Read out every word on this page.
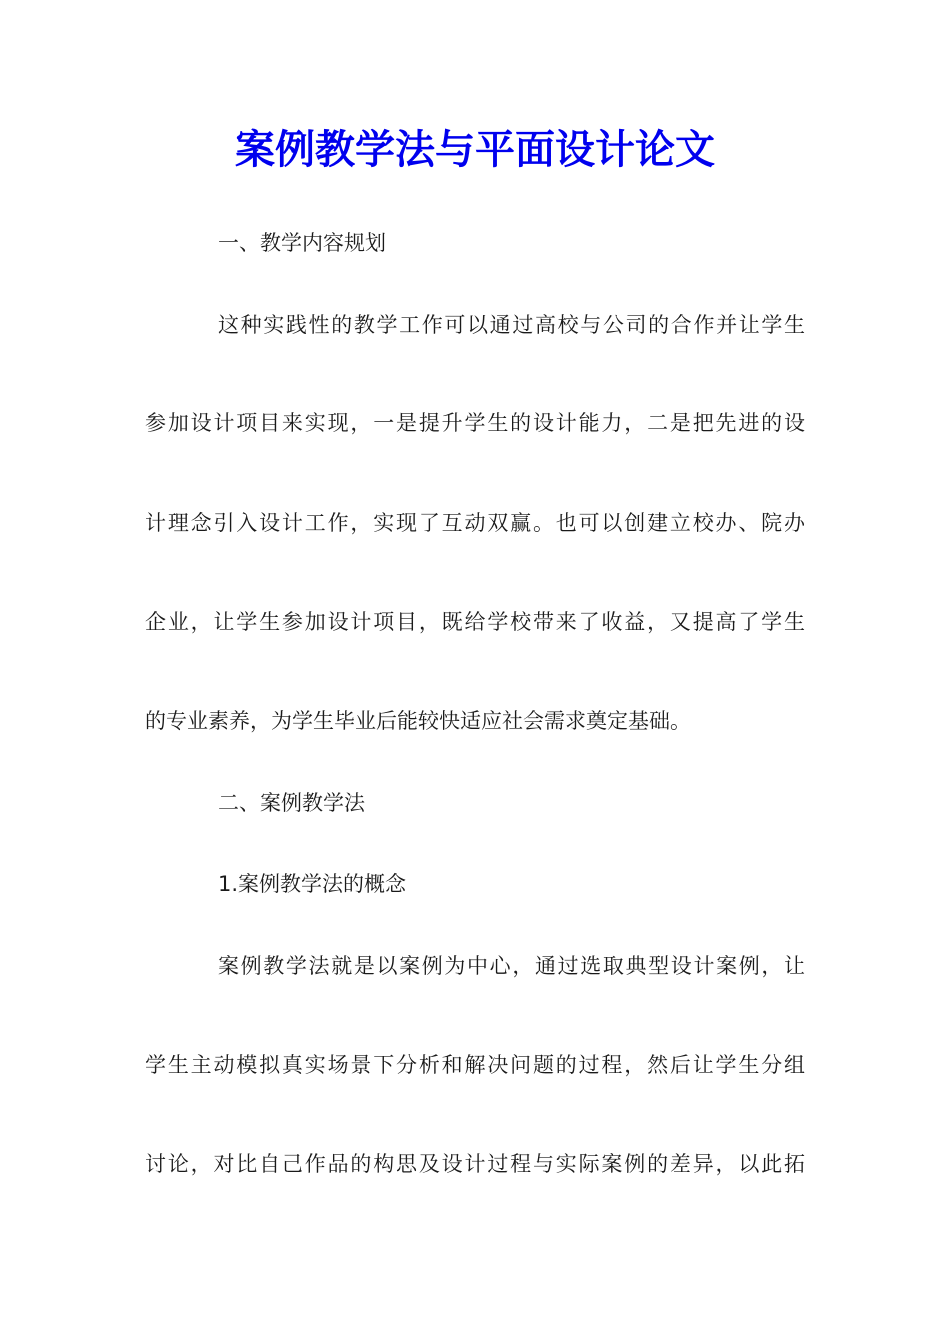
案例教学法与平面设计论文
一、教学内容规划
这种实践性的教学工作可以通过高校与公司的合作并让学生
参加设计项目来实现，一是提升学生的设计能力，二是把先进的设
计理念引入设计工作，实现了互动双赢。也可以创建立校办、院办
企业，让学生参加设计项目，既给学校带来了收益，又提高了学生
的专业素养，为学生毕业后能较快适应社会需求奠定基础。
二、案例教学法
1.案例教学法的概念
案例教学法就是以案例为中心，通过选取典型设计案例，让
学生主动模拟真实场景下分析和解决问题的过程，然后让学生分组
讨论，对比自己作品的构思及设计过程与实际案例的差异，以此拓
